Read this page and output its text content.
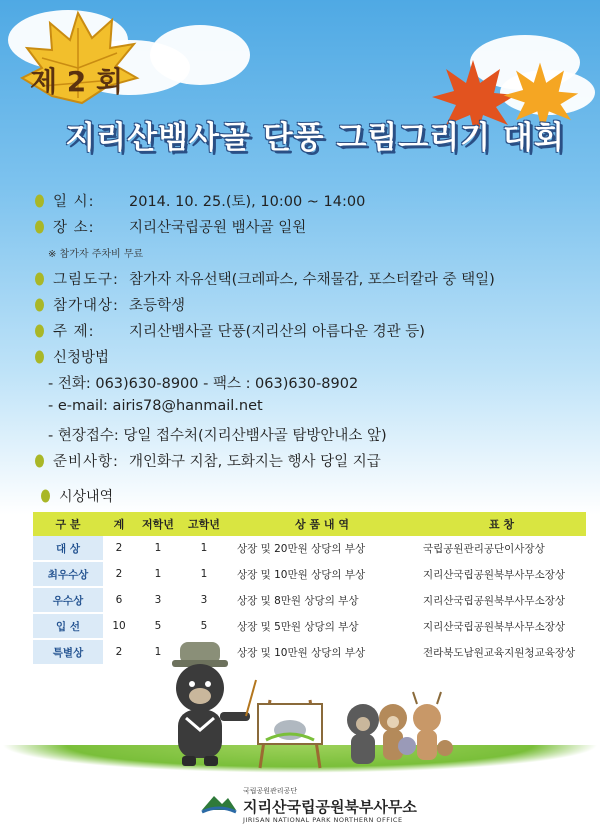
제 2 회
지리산뱀사골 단풍 그림그리기 대회
일 시:	2014. 10. 25.(토), 10:00 ~ 14:00
장 소:	지리산국립공원 뱀사골 일원
※ 참가자 주차비 무료
그림도구: 참가자 자유선택(크레파스, 수채물감, 포스터칼라 중 택일)
참가대상: 초등학생
주 제:	지리산뱀사골 단풍(지리산의 아름다운 경관 등)
신청방법
- 전화: 063)630-8900 - 팩스 : 063)630-8902
- e-mail: airis78@hanmail.net
- 현장접수: 당일 접수처(지리산뱀사골 탐방안내소 앞)
준비사항: 개인화구 지참, 도화지는 행사 당일 지급
시상내역
구 분	계	저학년	고학년	상 품 내 역	표 창
대 상	2	1	1	상장 및 20만원 상당의 부상	국립공원관리공단이사장상
최우수상	2	1	1	상장 및 10만원 상당의 부상	지리산국립공원북부사무소장상
우수상	6	3	3	상장 및 8만원 상당의 부상	지리산국립공원북부사무소장상
입 선	10	5	5	상장 및 5만원 상당의 부상	지리산국립공원북부사무소장상
특별상	2	1		상장 및 10만원 상당의 부상	전라북도남원교육지원청교육장상
국립공원관리공단
지리산국립공원북부사무소
JIRISAN NATIONAL PARK NORTHERN OFFICE
